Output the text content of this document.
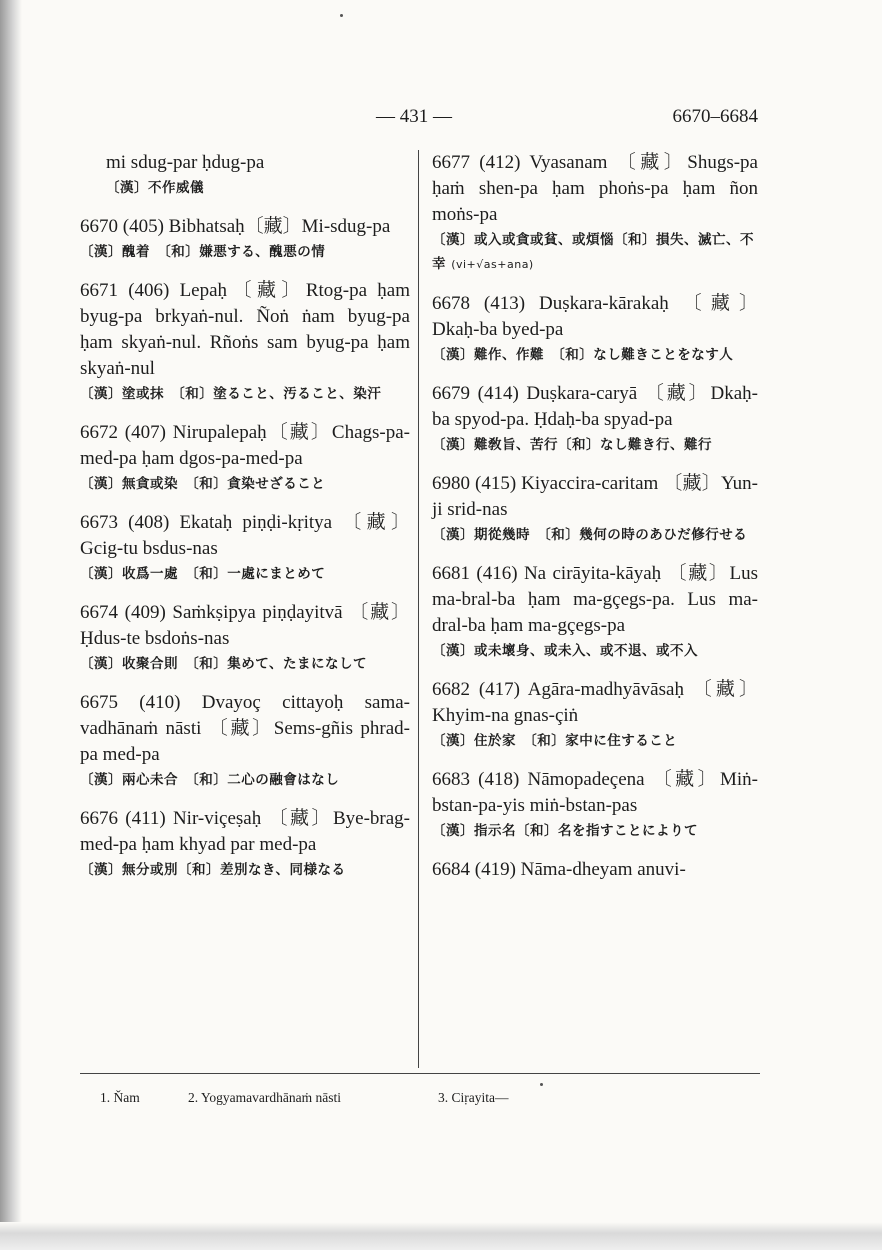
— 431 —	6670–6684
mi sdug-par ḥdug-pa
〔漢〕不作威儀
6670 (405) Bibhatsaḥ〔藏〕Mi-sdug-pa
〔漢〕醜着　〔和〕嫌悪する、醜悪の情
6671 (406) Lepaḥ〔藏〕Rtog-pa ḥam byug-pa brkyaṅ-nul. Ñoṅ ṅam byug-pa ḥam skyaṅ-nul. Rñoṅs sam byug-pa ḥam skyaṅ-nul
〔漢〕塗或抹　〔和〕塗ること、汚ること、染汗
6672 (407) Nirupalepaḥ〔藏〕Chags-pa-med-pa ḥam dgos-pa-med-pa
〔漢〕無貪或染　〔和〕貪染せざること
6673 (408) Ekataḥ piṇḍi-kṛitya 〔藏〕Gcig-tu bsdus-nas
〔漢〕收爲一處　〔和〕一處にまとめて
6674 (409) Saṁkṣipya piṇḍayitvā 〔藏〕Ḥdus-te bsdoṅs-nas
〔漢〕收聚合則　〔和〕集めて、たまになして
6675 (410) Dvayoç cittayoḥ sama-vadhānaṁ nāsti 〔藏〕Sems-gñis phrad-pa med-pa
〔漢〕兩心未合　〔和〕二心の融會はなし
6676 (411) Nir-viçeṣaḥ 〔藏〕Bye-brag-med-pa ḥam khyad par med-pa
〔漢〕無分或別〔和〕差別なき、同様なる
6677 (412) Vyasanam 〔藏〕Shugs-pa ḥaṁ shen-pa ḥam phoṅs-pa ḥam ñon moṅs-pa
〔漢〕或入或貪或貧、或煩惱〔和〕損失、滅亡、不幸 (vi+√as+ana)
6678 (413) Duṣkara-kārakaḥ 〔藏〕Dkaḥ-ba byed-pa
〔漢〕難作、作難　〔和〕なし難きことをなす人
6679 (414) Duṣkara-caryā 〔藏〕Dkaḥ-ba spyod-pa. Ḥdaḥ-ba spyad-pa
〔漢〕難敎旨、苦行〔和〕なし難き行、難行
6980 (415) Kiyaccira-caritam 〔藏〕Yun-ji srid-nas
〔漢〕期從幾時　〔和〕幾何の時のあひだ修行せる
6681 (416) Na cirāyita-kāyaḥ 〔藏〕Lus ma-bral-ba ḥam ma-gçegs-pa. Lus ma-dral-ba ḥam ma-gçegs-pa
〔漢〕或未壞身、或未入、或不退、或不入
6682 (417) Agāra-madhyāvāsaḥ 〔藏〕Khyim-na gnas-çiṅ
〔漢〕住於家　〔和〕家中に住すること
6683 (418) Nāmopadeçena 〔藏〕Miṅ-bstan-pa-yis miṅ-bstan-pas
〔漢〕指示名〔和〕名を指すことによりて
6684 (419) Nāma-dheyam anuvi-
1. Ňam	2. Yogyamavardhānaṁ nāsti	3. Ciṛayita—
